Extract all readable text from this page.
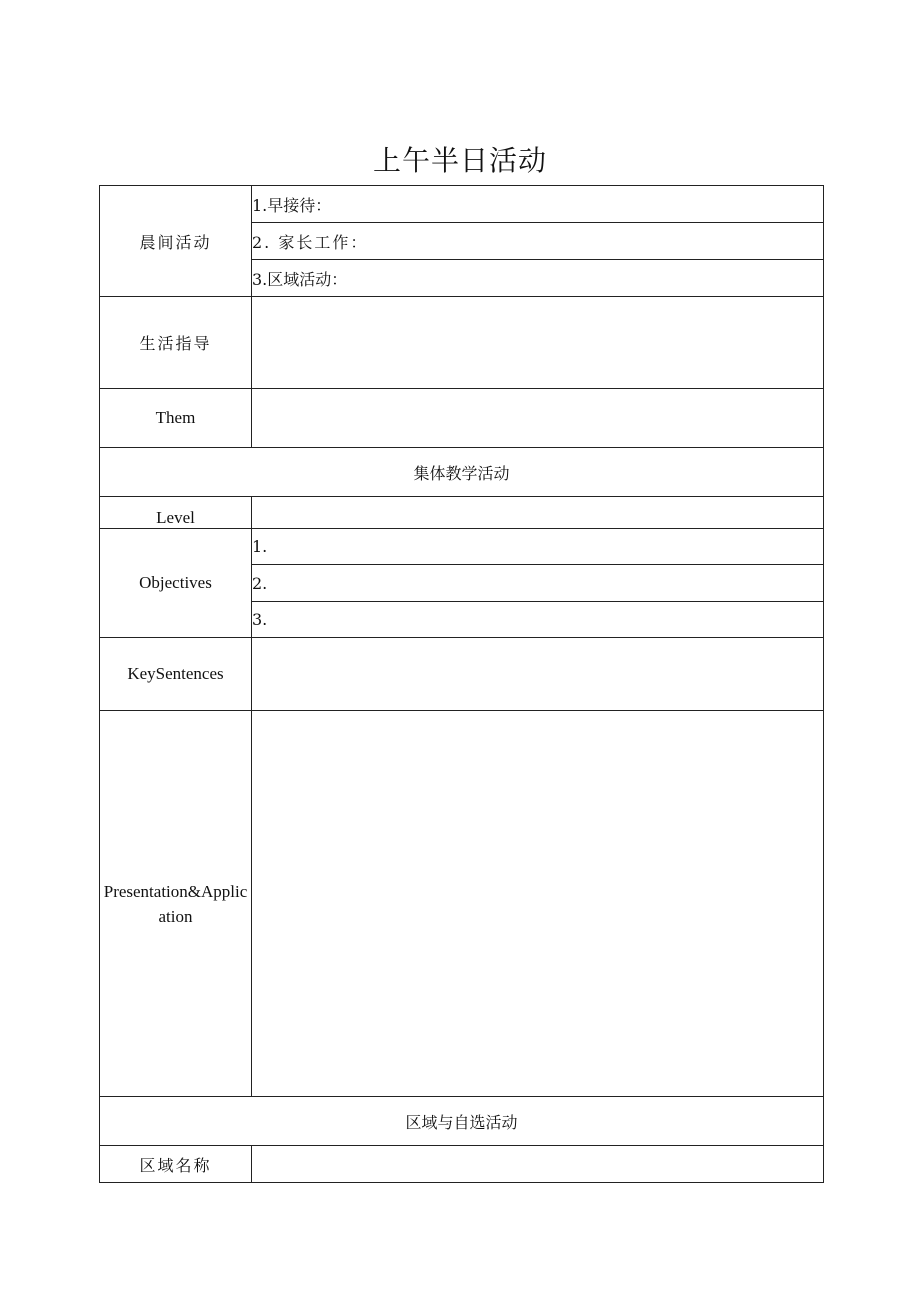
上午半日活动
晨间活动	1.早接待：
	2. 家长工作：
	3.区域活动：
生活指导	
Them	
集体教学活动	
Level	
Objectives	1.
	2.
	3.
KeySentences	
Presentation&Application	
区域与自选活动	
区域名称	
